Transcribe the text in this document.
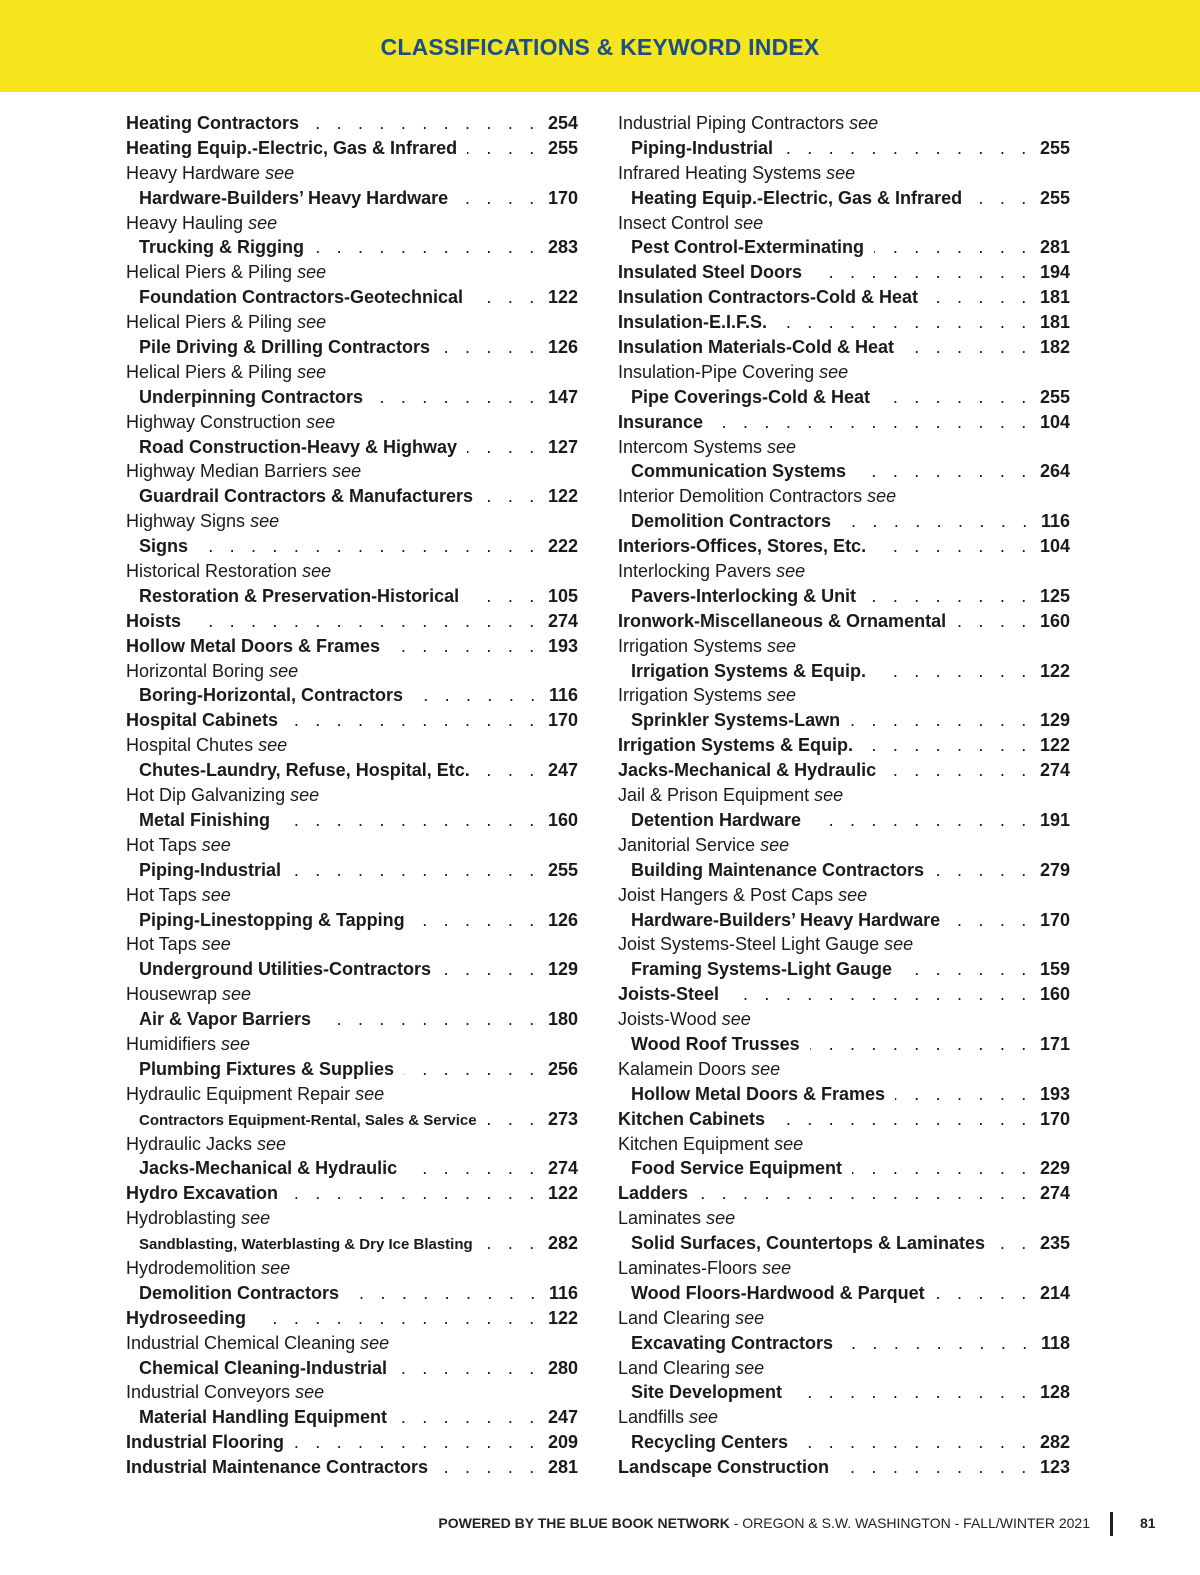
CLASSIFICATIONS & KEYWORD INDEX
Heating Contractors . . .	254
Heating Equip.-Electric, Gas & Infrared . . .	255
Heavy Hardware see
Hardware-Builders’ Heavy Hardware . . .	170
Heavy Hauling see
Trucking & Rigging . . .	283
Helical Piers & Piling see
Foundation Contractors-Geotechnical . . .	122
Helical Piers & Piling see
Pile Driving & Drilling Contractors . . .	126
Helical Piers & Piling see
Underpinning Contractors . . .	147
Highway Construction see
Road Construction-Heavy & Highway . . .	127
Highway Median Barriers see
Guardrail Contractors & Manufacturers . . .	122
Highway Signs see
Signs . . .	222
Historical Restoration see
Restoration & Preservation-Historical . . .	105
Hoists . . .	274
Hollow Metal Doors & Frames . . .	193
Horizontal Boring see
Boring-Horizontal, Contractors . . .	116
Hospital Cabinets . . .	170
Hospital Chutes see
Chutes-Laundry, Refuse, Hospital, Etc. . . .	247
Hot Dip Galvanizing see
Metal Finishing . . .	160
Hot Taps see
Piping-Industrial . . .	255
Hot Taps see
Piping-Linestopping & Tapping . . .	126
Hot Taps see
Underground Utilities-Contractors . . .	129
Housewrap see
Air & Vapor Barriers . . .	180
Humidifiers see
Plumbing Fixtures & Supplies . . .	256
Hydraulic Equipment Repair see
Contractors Equipment-Rental, Sales & Service . . .	273
Hydraulic Jacks see
Jacks-Mechanical & Hydraulic . . .	274
Hydro Excavation . . .	122
Hydroblasting see
Sandblasting, Waterblasting & Dry Ice Blasting . . .	282
Hydrodemolition see
Demolition Contractors . . .	116
Hydroseeding . . .	122
Industrial Chemical Cleaning see
Chemical Cleaning-Industrial . . .	280
Industrial Conveyors see
Material Handling Equipment . . .	247
Industrial Flooring . . .	209
Industrial Maintenance Contractors . . .	281
Industrial Piping Contractors see
Piping-Industrial . . .	255
Infrared Heating Systems see
Heating Equip.-Electric, Gas & Infrared . . .	255
Insect Control see
Pest Control-Exterminating . . .	281
Insulated Steel Doors . . .	194
Insulation Contractors-Cold & Heat . . .	181
Insulation-E.I.F.S. . . .	181
Insulation Materials-Cold & Heat . . .	182
Insulation-Pipe Covering see
Pipe Coverings-Cold & Heat . . .	255
Insurance . . .	104
Intercom Systems see
Communication Systems . . .	264
Interior Demolition Contractors see
Demolition Contractors . . .	116
Interiors-Offices, Stores, Etc. . . .	104
Interlocking Pavers see
Pavers-Interlocking & Unit . . .	125
Ironwork-Miscellaneous & Ornamental . . .	160
Irrigation Systems see
Irrigation Systems & Equip. . . .	122
Irrigation Systems see
Sprinkler Systems-Lawn . . .	129
Irrigation Systems & Equip. . . .	122
Jacks-Mechanical & Hydraulic . . .	274
Jail & Prison Equipment see
Detention Hardware . . .	191
Janitorial Service see
Building Maintenance Contractors . . .	279
Joist Hangers & Post Caps see
Hardware-Builders’ Heavy Hardware . . .	170
Joist Systems-Steel Light Gauge see
Framing Systems-Light Gauge . . .	159
Joists-Steel . . .	160
Joists-Wood see
Wood Roof Trusses . . .	171
Kalamein Doors see
Hollow Metal Doors & Frames . . .	193
Kitchen Cabinets . . .	170
Kitchen Equipment see
Food Service Equipment . . .	229
Ladders . . .	274
Laminates see
Solid Surfaces, Countertops & Laminates . . .	235
Laminates-Floors see
Wood Floors-Hardwood & Parquet . . .	214
Land Clearing see
Excavating Contractors . . .	118
Land Clearing see
Site Development . . .	128
Landfills see
Recycling Centers . . .	282
Landscape Construction . . .	123
POWERED BY THE BLUE BOOK NETWORK - OREGON & S.W. WASHINGTON - FALL/WINTER 2021	81
